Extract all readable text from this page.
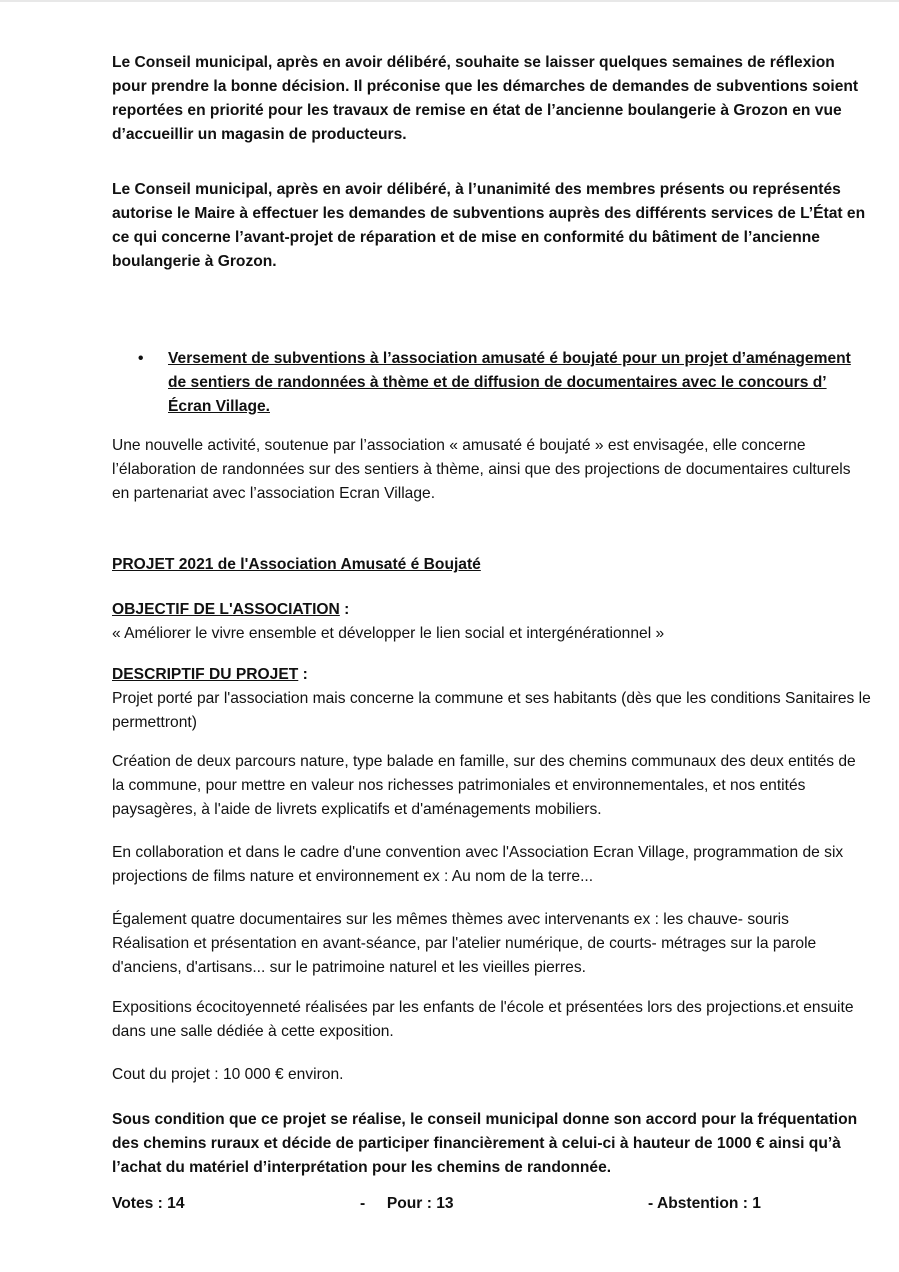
Le Conseil municipal, après en avoir délibéré, souhaite se laisser quelques semaines de réflexion pour prendre la bonne décision. Il préconise que les démarches de demandes de subventions soient reportées en priorité pour les travaux de remise en état de l’ancienne boulangerie à Grozon en vue d’accueillir un magasin de producteurs.
Le Conseil municipal, après en avoir délibéré, à l’unanimité des membres présents ou représentés autorise le Maire à effectuer les demandes de subventions auprès des différents services de L’État en ce qui concerne l’avant-projet de réparation et de mise en conformité du bâtiment de l’ancienne boulangerie à Grozon.
• Versement de subventions à l’association amusaté é boujaté pour un projet d’aménagement de sentiers de randonnées à thème et de diffusion de documentaires avec le concours d’ Écran Village.
Une nouvelle activité, soutenue par l’association « amusaté é boujaté » est envisagée, elle concerne l’élaboration de randonnées sur des sentiers à thème, ainsi que des projections de documentaires culturels en partenariat avec l’association Ecran Village.
PROJET 2021 de l'Association Amusaté é Boujaté
OBJECTIF DE L'ASSOCIATION :
« Améliorer le vivre ensemble et développer le lien social et intergénérationnel »
DESCRIPTIF DU PROJET :
Projet porté par l'association mais concerne la commune et ses habitants (dès que les conditions Sanitaires le permettront)
Création de deux parcours nature, type balade en famille, sur des chemins communaux des deux entités de la commune, pour mettre en valeur nos richesses patrimoniales et environnementales, et nos entités paysagères, à l'aide de livrets explicatifs et d'aménagements mobiliers.
En collaboration et dans le cadre d'une convention avec l'Association Ecran Village, programmation de six projections de films nature et environnement ex : Au nom de la terre...
Également quatre documentaires sur les mêmes thèmes avec intervenants ex : les chauve- souris
Réalisation et présentation en avant-séance, par l'atelier numérique, de courts- métrages sur la parole d'anciens, d'artisans... sur le patrimoine naturel et les vieilles pierres.
Expositions écocitoyenneté réalisées par les enfants de l'école et présentées lors des projections.et ensuite dans une salle dédiée à cette exposition.
Cout du projet : 10 000 € environ.
Sous condition que ce projet se réalise, le conseil municipal donne son accord pour la fréquentation des chemins ruraux et décide de participer financièrement à celui-ci à hauteur de 1000 € ainsi qu’à l’achat du matériel d’interprétation pour les chemins de randonnée.
Votes : 14	-     Pour : 13	- Abstention : 1
